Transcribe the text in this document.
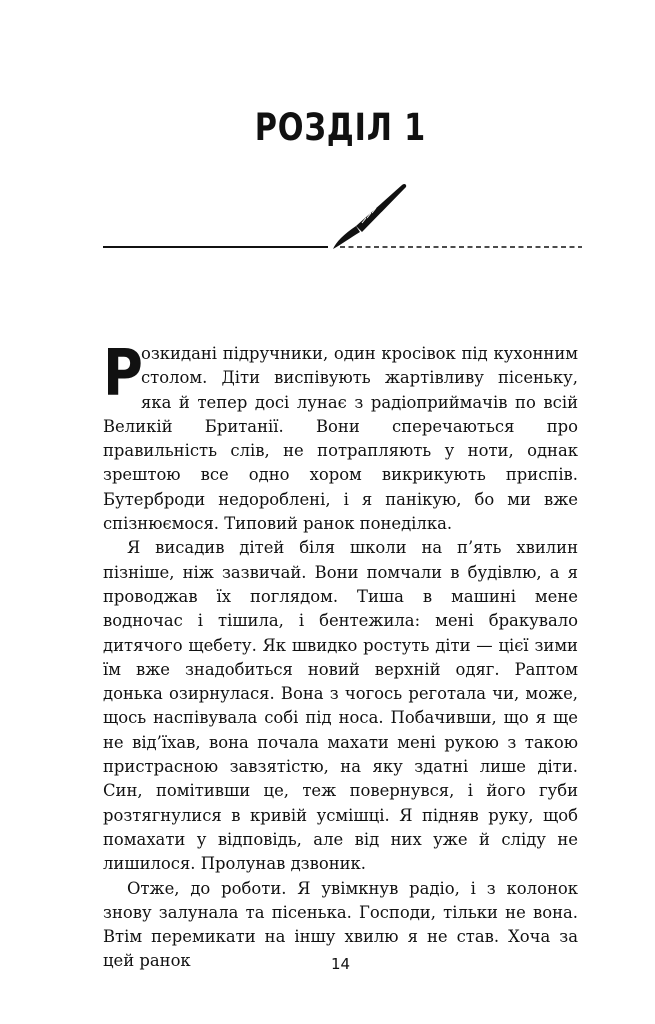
РОЗДІЛ 1

Р
озкидані підручники, один кросівок під кухонним столом. Діти виспівують жартівливу пісеньку, яка й тепер досі лунає з радіоприймачів по всій Великій Британії. Вони сперечаються про правильність слів, не потрапляють у ноти, однак зрештою все одно хором викрикують приспів. Бутерброди недороблені, і я панікую, бо ми вже спізнюємося. Типовий ранок понеділка.

Я висадив дітей біля школи на п’ять хвилин пізніше, ніж зазвичай. Вони помчали в будівлю, а я проводжав їх поглядом. Тиша в машині мене водночас і тішила, і бентежила: мені бракувало дитячого щебету. Як швидко ростуть діти — цієї зими їм вже знадобиться новий верхній одяг. Раптом донька озирнулася. Вона з чогось реготала чи, може, щось наспівувала собі під носа. Побачивши, що я ще не від’їхав, вона почала махати мені рукою з такою пристрасною завзятістю, на яку здатні лише діти. Син, помітивши це, теж повернувся, і його губи розтягнулися в кривій усмішці. Я підняв руку, щоб помахати у відповідь, але від них уже й сліду не лишилося. Пролунав дзвоник.

Отже, до роботи. Я увімкнув радіо, і з колонок знову залунала та пісенька. Господи, тільки не вона. Втім перемикати на іншу хвилю я не став. Хоча за цей ранок	14
